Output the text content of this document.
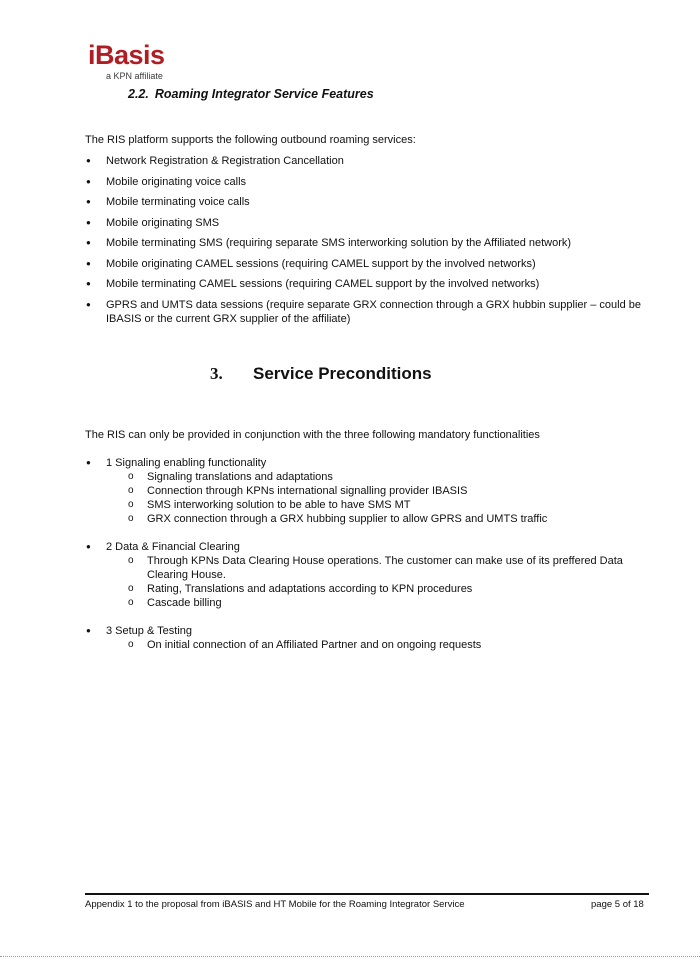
iBasis
a KPN affiliate
2.2. Roaming Integrator Service Features
The RIS platform supports the following outbound roaming services:
● Network Registration & Registration Cancellation
● Mobile originating voice calls
● Mobile terminating voice calls
● Mobile originating SMS
● Mobile terminating SMS (requiring separate SMS interworking solution by the Affiliated network)
● Mobile originating CAMEL sessions (requiring CAMEL support by the involved networks)
● Mobile terminating CAMEL sessions (requiring CAMEL support by the involved networks)
● GPRS and UMTS data sessions (require separate GRX connection through a GRX hubbin supplier – could be IBASIS or the current GRX supplier of the affiliate)
3. Service Preconditions
The RIS can only be provided in conjunction with the three following mandatory functionalities
● 1 Signaling enabling functionality
o Signaling translations and adaptations
o Connection through KPNs international signalling provider IBASIS
o SMS interworking solution to be able to have SMS MT
o GRX connection through a GRX hubbing supplier to allow GPRS and UMTS traffic
● 2 Data & Financial Clearing
o Through KPNs Data Clearing House operations. The customer can make use of its preffered Data Clearing House.
o Rating, Translations and adaptations according to KPN procedures
o Cascade billing
● 3 Setup & Testing
o On initial connection of an Affiliated Partner and on ongoing requests
Appendix 1 to the proposal from iBASIS and HT Mobile for the Roaming Integrator Service	page 5 of 18
